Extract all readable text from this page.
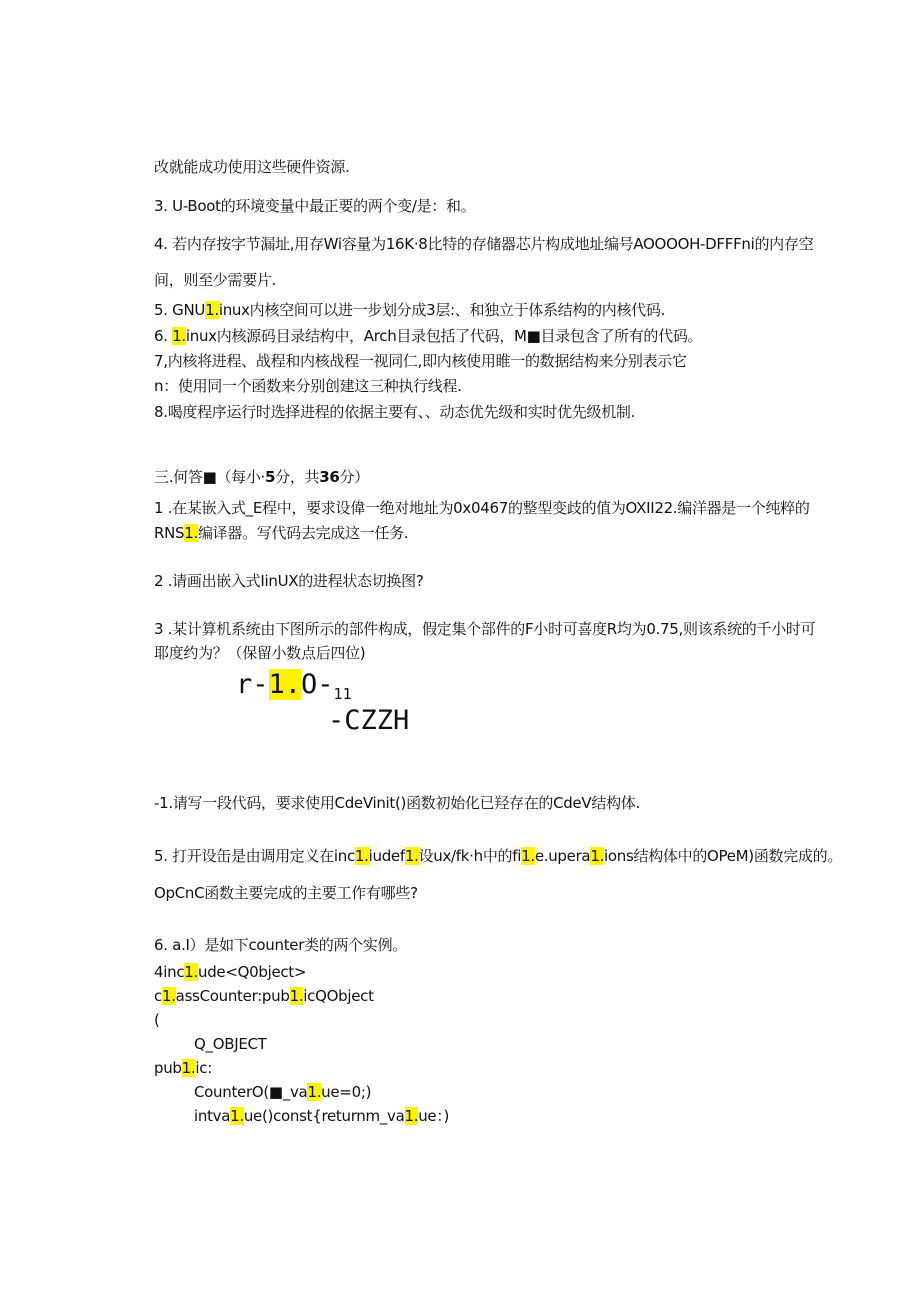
改就能成功使用这些硬件资源.
3. U-Boot的环境变量中最正要的两个变/是：和。
4. 若内存按字节漏址,用存Wi容量为16K·8比特的存储器芯片构成地址编号AOOOOH-DFFFni的内存空
间，则至少需要片.
5. GNU1.inux内核空间可以进一步划分成3层:、和独立于体系结构的内核代码.
6. 1.inux内核源码目录结构中，Arch目录包括了代码，M■目录包含了所有的代码。
7,内核将进程、战程和内核战程一视同仁,即内核使用睢一的数据结构来分别表示它
n：使用同一个函数来分别创建这三种执行线程.
8.喝度程序运行时选择进程的依据主要有、、动态优先级和实时优先级机制.
三.何答■（每小·5分，共36分）
1 .在某嵌入式_E程中，要求设偉一绝对地址为0x0467的整型变歧的值为OXII22.编洋器是一个纯粹的
RNS1.编译器。写代码去完成这一任务.
2 .请画出嵌入式IinUX的进程状态切换图?
3 .某计算机系统由下图所示的部件构成，假定集个部件的F小时可喜度R均为0.75,则该系统的千小时可
耶度约为？（保留小数点后四位)
$r-1.O-_{11}$
-CZZH
-1.请写一段代码，要求使用CdeVinit()函数初始化已羟存在的CdeV结构体.
5. 打开设缶是由调用定义在inc1.iudef1.设ux/fk·h中的fi1.e.upera1.ions结构体中的OPeM)函数完成的。
OpCnC函数主要完成的主要工作有哪些?
6. a.I）是如下counter类的两个实例。
4inc1.ude<Q0bject>
c1.assCounter:pub1.icQObject
(
Q_OBJECT
pub1.ic:
CounterO(■_va1.ue=0;)
intva1.ue()const{returnm_va1.ue：)
